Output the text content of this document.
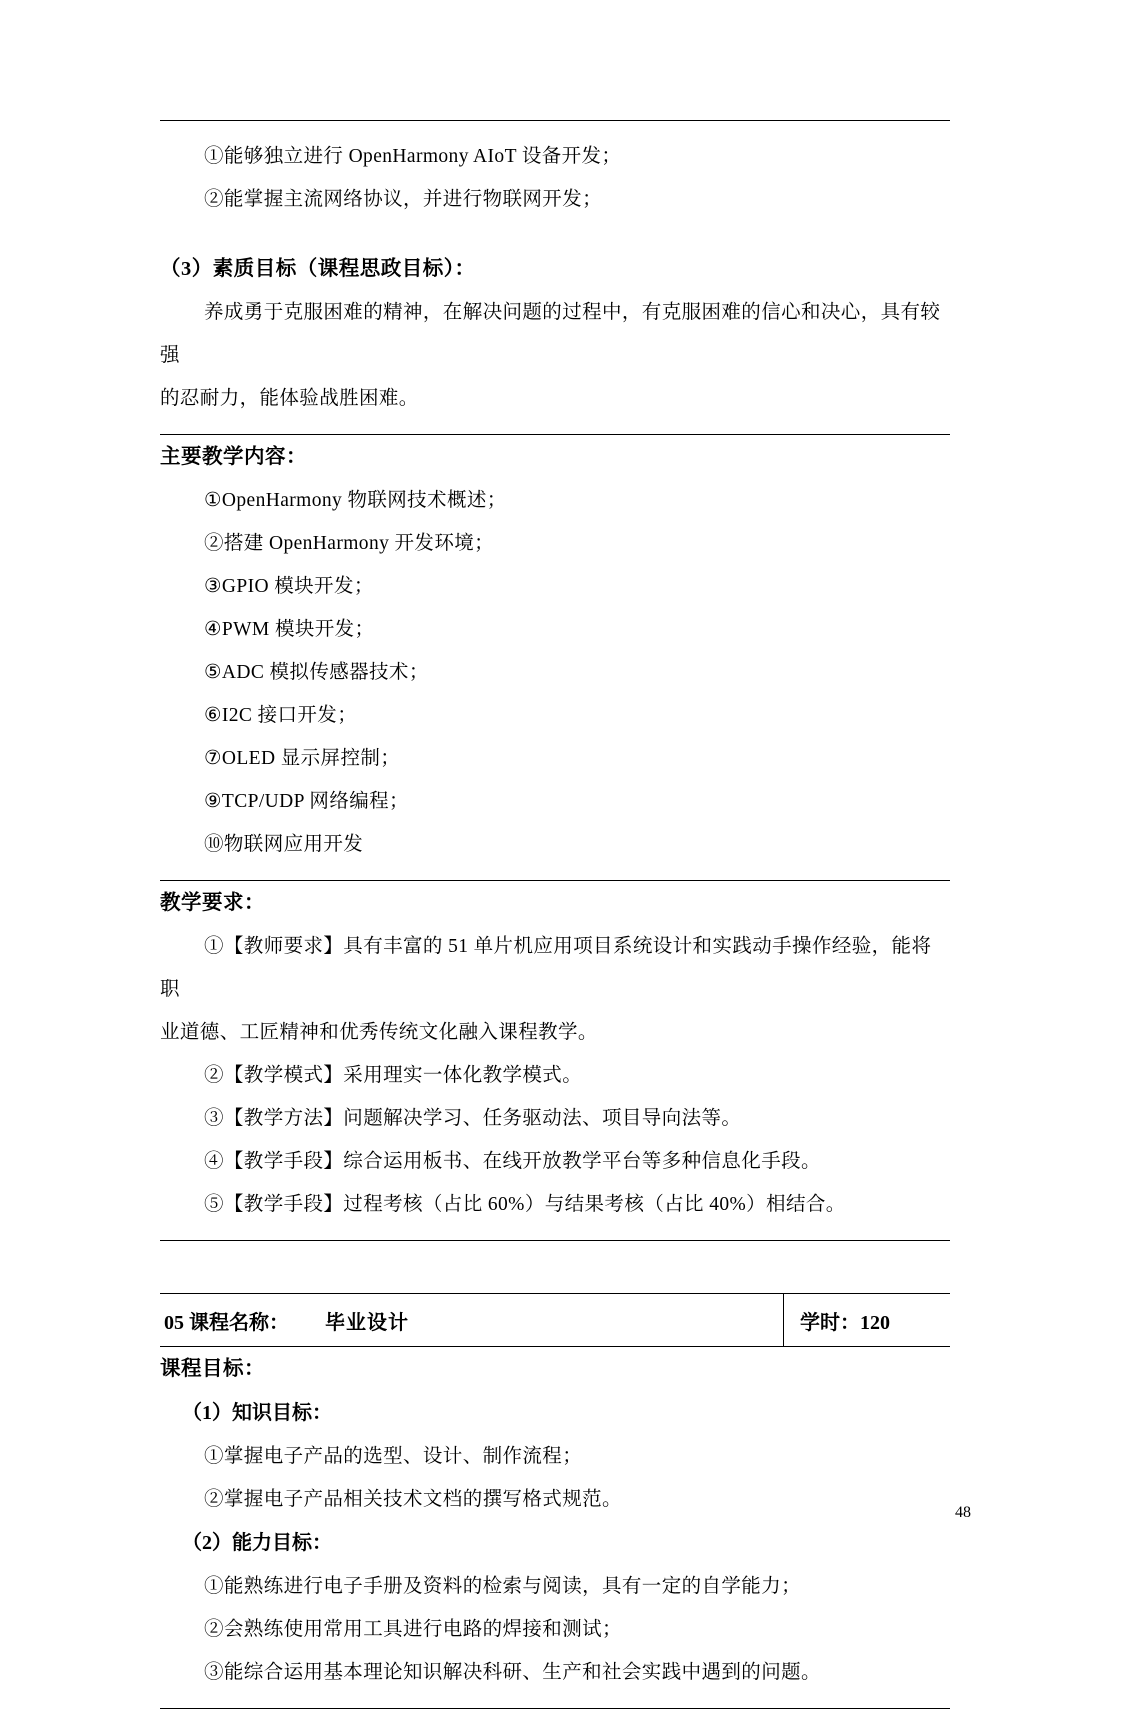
①能够独立进行 OpenHarmony AIoT 设备开发；
②能掌握主流网络协议，并进行物联网开发；
（3）素质目标（课程思政目标）：
养成勇于克服困难的精神，在解决问题的过程中，有克服困难的信心和决心，具有较强
的忍耐力，能体验战胜困难。
主要教学内容：
①OpenHarmony 物联网技术概述；
②搭建 OpenHarmony 开发环境；
③GPIO 模块开发；
④PWM 模块开发；
⑤ADC 模拟传感器技术；
⑥I2C 接口开发；
⑦OLED 显示屏控制；
⑨TCP/UDP 网络编程；
⑩物联网应用开发
教学要求：
①【教师要求】具有丰富的 51 单片机应用项目系统设计和实践动手操作经验，能将职
业道德、工匠精神和优秀传统文化融入课程教学。
②【教学模式】采用理实一体化教学模式。
③【教学方法】问题解决学习、任务驱动法、项目导向法等。
④【教学手段】综合运用板书、在线开放教学平台等多种信息化手段。
⑤【教学手段】过程考核（占比 60%）与结果考核（占比 40%）相结合。
05 课程名称：	毕业设计	学时：120
课程目标：
（1）知识目标：
①掌握电子产品的选型、设计、制作流程；
②掌握电子产品相关技术文档的撰写格式规范。
（2）能力目标：
①能熟练进行电子手册及资料的检索与阅读，具有一定的自学能力；
②会熟练使用常用工具进行电路的焊接和测试；
③能综合运用基本理论知识解决科研、生产和社会实践中遇到的问题。
48
